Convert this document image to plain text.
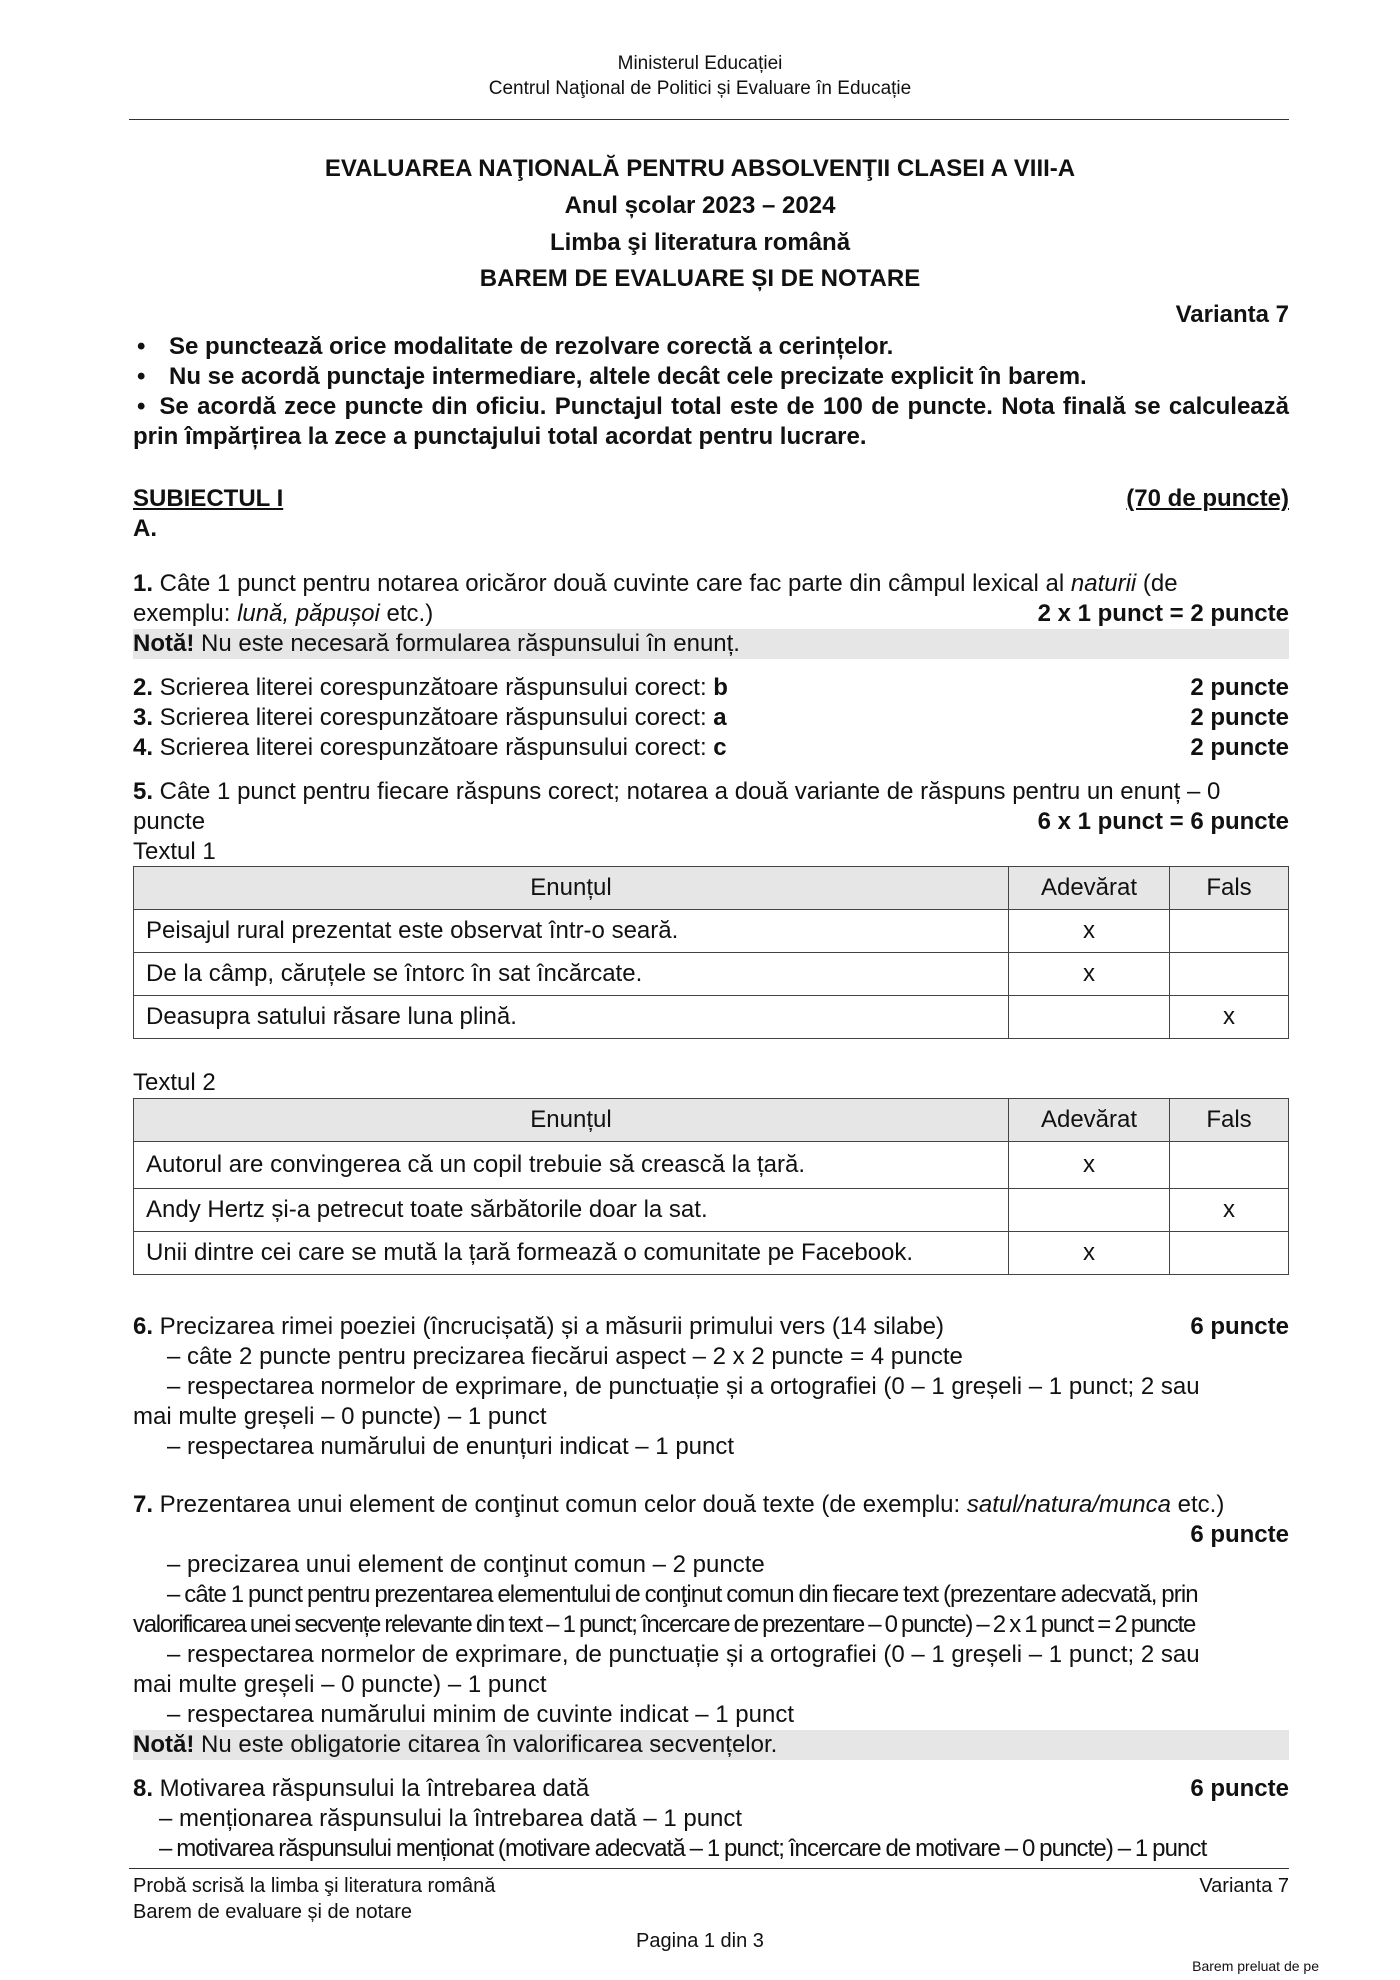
Ministerul Educației
Centrul Naţional de Politici și Evaluare în Educație
EVALUAREA NAŢIONALĂ PENTRU ABSOLVENŢII CLASEI A VIII-A
Anul școlar 2023 – 2024
Limba şi literatura română
BAREM DE EVALUARE ȘI DE NOTARE
Varianta 7
• Se punctează orice modalitate de rezolvare corectă a cerințelor.
• Nu se acordă punctaje intermediare, altele decât cele precizate explicit în barem.
• Se acordă zece puncte din oficiu. Punctajul total este de 100 de puncte. Nota finală se calculează prin împărțirea la zece a punctajului total acordat pentru lucrare.
SUBIECTUL I	(70 de puncte)
A.
1. Câte 1 punct pentru notarea oricăror două cuvinte care fac parte din câmpul lexical al naturii (de
exemplu: lună, păpușoi etc.)	2 x 1 punct = 2 puncte
Notă! Nu este necesară formularea răspunsului în enunț.
2. Scrierea literei corespunzătoare răspunsului corect: b	2 puncte
3. Scrierea literei corespunzătoare răspunsului corect: a	2 puncte
4. Scrierea literei corespunzătoare răspunsului corect: c	2 puncte
5. Câte 1 punct pentru fiecare răspuns corect; notarea a două variante de răspuns pentru un enunț – 0
puncte	6 x 1 punct = 6 puncte
Textul 1
Enunțul	Adevărat	Fals
Peisajul rural prezentat este observat într-o seară.	x	
De la câmp, căruțele se întorc în sat încărcate.	x	
Deasupra satului răsare luna plină.		x
Textul 2
Enunțul	Adevărat	Fals
Autorul are convingerea că un copil trebuie să crească la țară.	x	
Andy Hertz și-a petrecut toate sărbătorile doar la sat.		x
Unii dintre cei care se mută la țară formează o comunitate pe Facebook.	x	
6. Precizarea rimei poeziei (încrucișată) și a măsurii primului vers (14 silabe)	6 puncte
– câte 2 puncte pentru precizarea fiecărui aspect – 2 x 2 puncte = 4 puncte
– respectarea normelor de exprimare, de punctuație și a ortografiei (0 – 1 greșeli – 1 punct; 2 sau
mai multe greșeli – 0 puncte) – 1 punct
– respectarea numărului de enunțuri indicat – 1 punct
7. Prezentarea unui element de conţinut comun celor două texte (de exemplu: satul/natura/munca etc.)
6 puncte
– precizarea unui element de conţinut comun – 2 puncte
– câte 1 punct pentru prezentarea elementului de conţinut comun din fiecare text (prezentare adecvată, prin
valorificarea unei secvențe relevante din text – 1 punct; încercare de prezentare – 0 puncte) – 2 x 1 punct = 2 puncte
– respectarea normelor de exprimare, de punctuație și a ortografiei (0 – 1 greșeli – 1 punct; 2 sau
mai multe greșeli – 0 puncte) – 1 punct
– respectarea numărului minim de cuvinte indicat – 1 punct
Notă! Nu este obligatorie citarea în valorificarea secvențelor.
8. Motivarea răspunsului la întrebarea dată	6 puncte
– menționarea răspunsului la întrebarea dată – 1 punct
– motivarea răspunsului menționat (motivare adecvată – 1 punct; încercare de motivare – 0 puncte) – 1 punct
Probă scrisă la limba şi literatura română
Barem de evaluare și de notare
Varianta 7
Pagina 1 din 3
Barem preluat de pe
